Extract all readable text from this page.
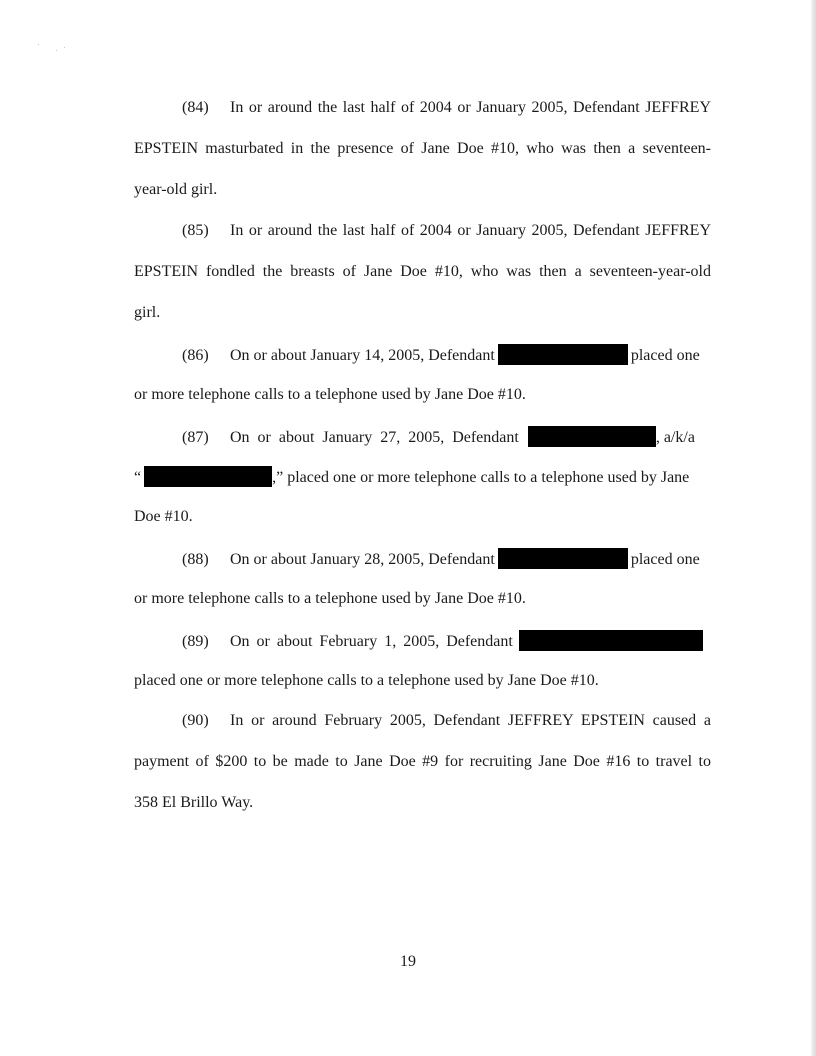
(84) In or around the last half of 2004 or January 2005, Defendant JEFFREY
EPSTEIN masturbated in the presence of Jane Doe #10, who was then a seventeen-
year-old girl.
(85) In or around the last half of 2004 or January 2005, Defendant JEFFREY
EPSTEIN fondled the breasts of Jane Doe #10, who was then a seventeen-year-old
girl.
(86) On or about January 14, 2005, Defendant	placed one
or more telephone calls to a telephone used by Jane Doe #10.
(87) On or about January 27, 2005, Defendant	, a/k/a
“	,” placed one or more telephone calls to a telephone used by Jane
Doe #10.
(88) On or about January 28, 2005, Defendant	placed one
or more telephone calls to a telephone used by Jane Doe #10.
(89) On or about February 1, 2005, Defendant
placed one or more telephone calls to a telephone used by Jane Doe #10.
(90) In or around February 2005, Defendant JEFFREY EPSTEIN caused a
payment of $200 to be made to Jane Doe #9 for recruiting Jane Doe #16 to travel to
358 El Brillo Way.
19
